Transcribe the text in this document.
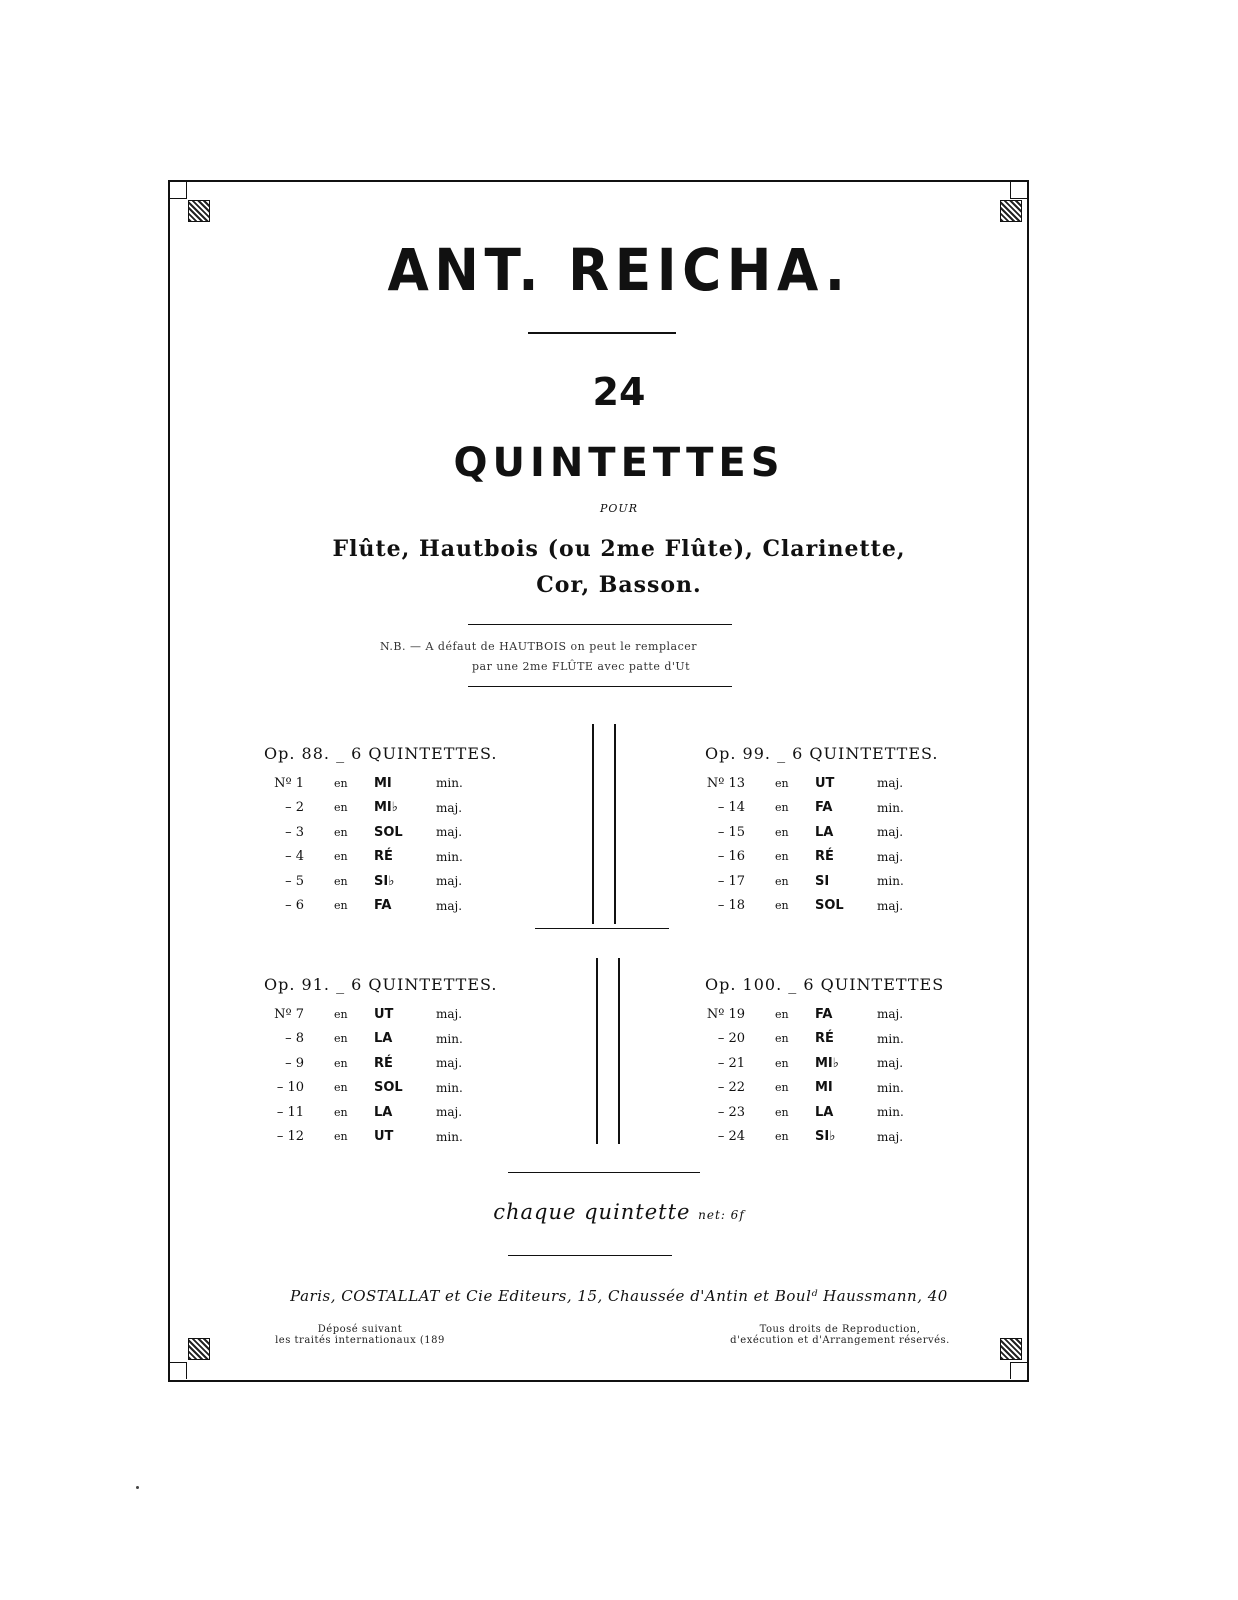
ANT. REICHA.
24
QUINTETTES
POUR
Flûte, Hautbois (ou 2me Flûte), Clarinette,
Cor, Basson.
N.B. — A défaut de HAUTBOIS on peut le remplacer
par une 2me FLÛTE avec patte d'Ut
Op. 88. _ 6 QUINTETTES.
Nº 1	en	MI	min.
– 2	en	MI♭	maj.
– 3	en	SOL	maj.
– 4	en	RÉ	min.
– 5	en	SI♭	maj.
– 6	en	FA	maj.
Op. 99. _ 6 QUINTETTES.
Nº 13	en	UT	maj.
– 14	en	FA	min.
– 15	en	LA	maj.
– 16	en	RÉ	maj.
– 17	en	SI	min.
– 18	en	SOL	maj.
Op. 91. _ 6 QUINTETTES.
Nº 7	en	UT	maj.
– 8	en	LA	min.
– 9	en	RÉ	maj.
– 10	en	SOL	min.
– 11	en	LA	maj.
– 12	en	UT	min.
Op. 100. _ 6 QUINTETTES
Nº 19	en	FA	maj.
– 20	en	RÉ	min.
– 21	en	MI♭	maj.
– 22	en	MI	min.
– 23	en	LA	min.
– 24	en	SI♭	maj.
chaque quintette net: 6f
Paris, COSTALLAT et Cie Editeurs, 15, Chaussée d'Antin et Boulᵈ Haussmann, 40
Déposé suivant
les traités internationaux (189
Tous droits de Reproduction,
d'exécution et d'Arrangement réservés.
